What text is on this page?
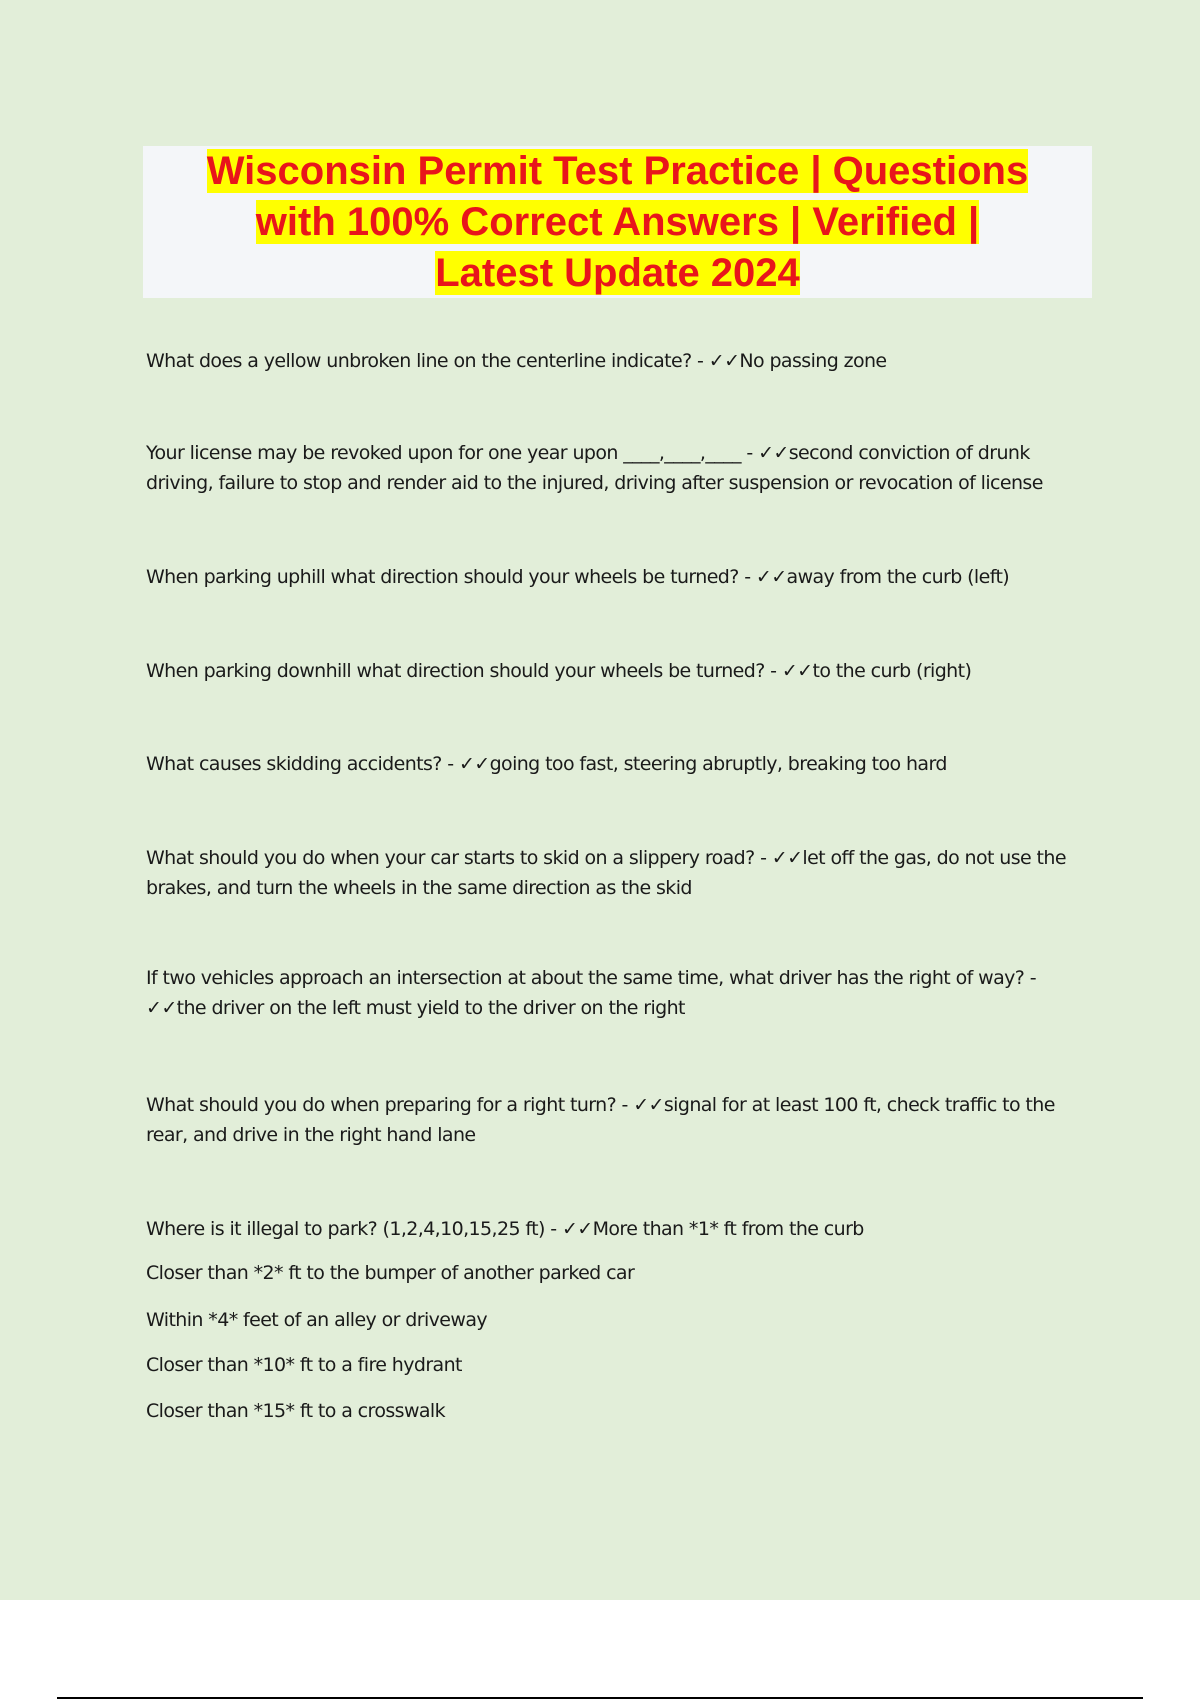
Wisconsin Permit Test Practice | Questions
with 100% Correct Answers | Verified |
Latest Update 2024

What does a yellow unbroken line on the centerline indicate? - ✓✓No passing zone

Your license may be revoked upon for one year upon ____,____,____ - ✓✓second conviction of drunk driving, failure to stop and render aid to the injured, driving after suspension or revocation of license

When parking uphill what direction should your wheels be turned? - ✓✓away from the curb (left)

When parking downhill what direction should your wheels be turned? - ✓✓to the curb (right)

What causes skidding accidents? - ✓✓going too fast, steering abruptly, breaking too hard

What should you do when your car starts to skid on a slippery road? - ✓✓let off the gas, do not use the brakes, and turn the wheels in the same direction as the skid

If two vehicles approach an intersection at about the same time, what driver has the right of way? - ✓✓the driver on the left must yield to the driver on the right

What should you do when preparing for a right turn? - ✓✓signal for at least 100 ft, check traffic to the rear, and drive in the right hand lane

Where is it illegal to park? (1,2,4,10,15,25 ft) - ✓✓More than *1* ft from the curb

Closer than *2* ft to the bumper of another parked car

Within *4* feet of an alley or driveway

Closer than *10* ft to a fire hydrant

Closer than *15* ft to a crosswalk
